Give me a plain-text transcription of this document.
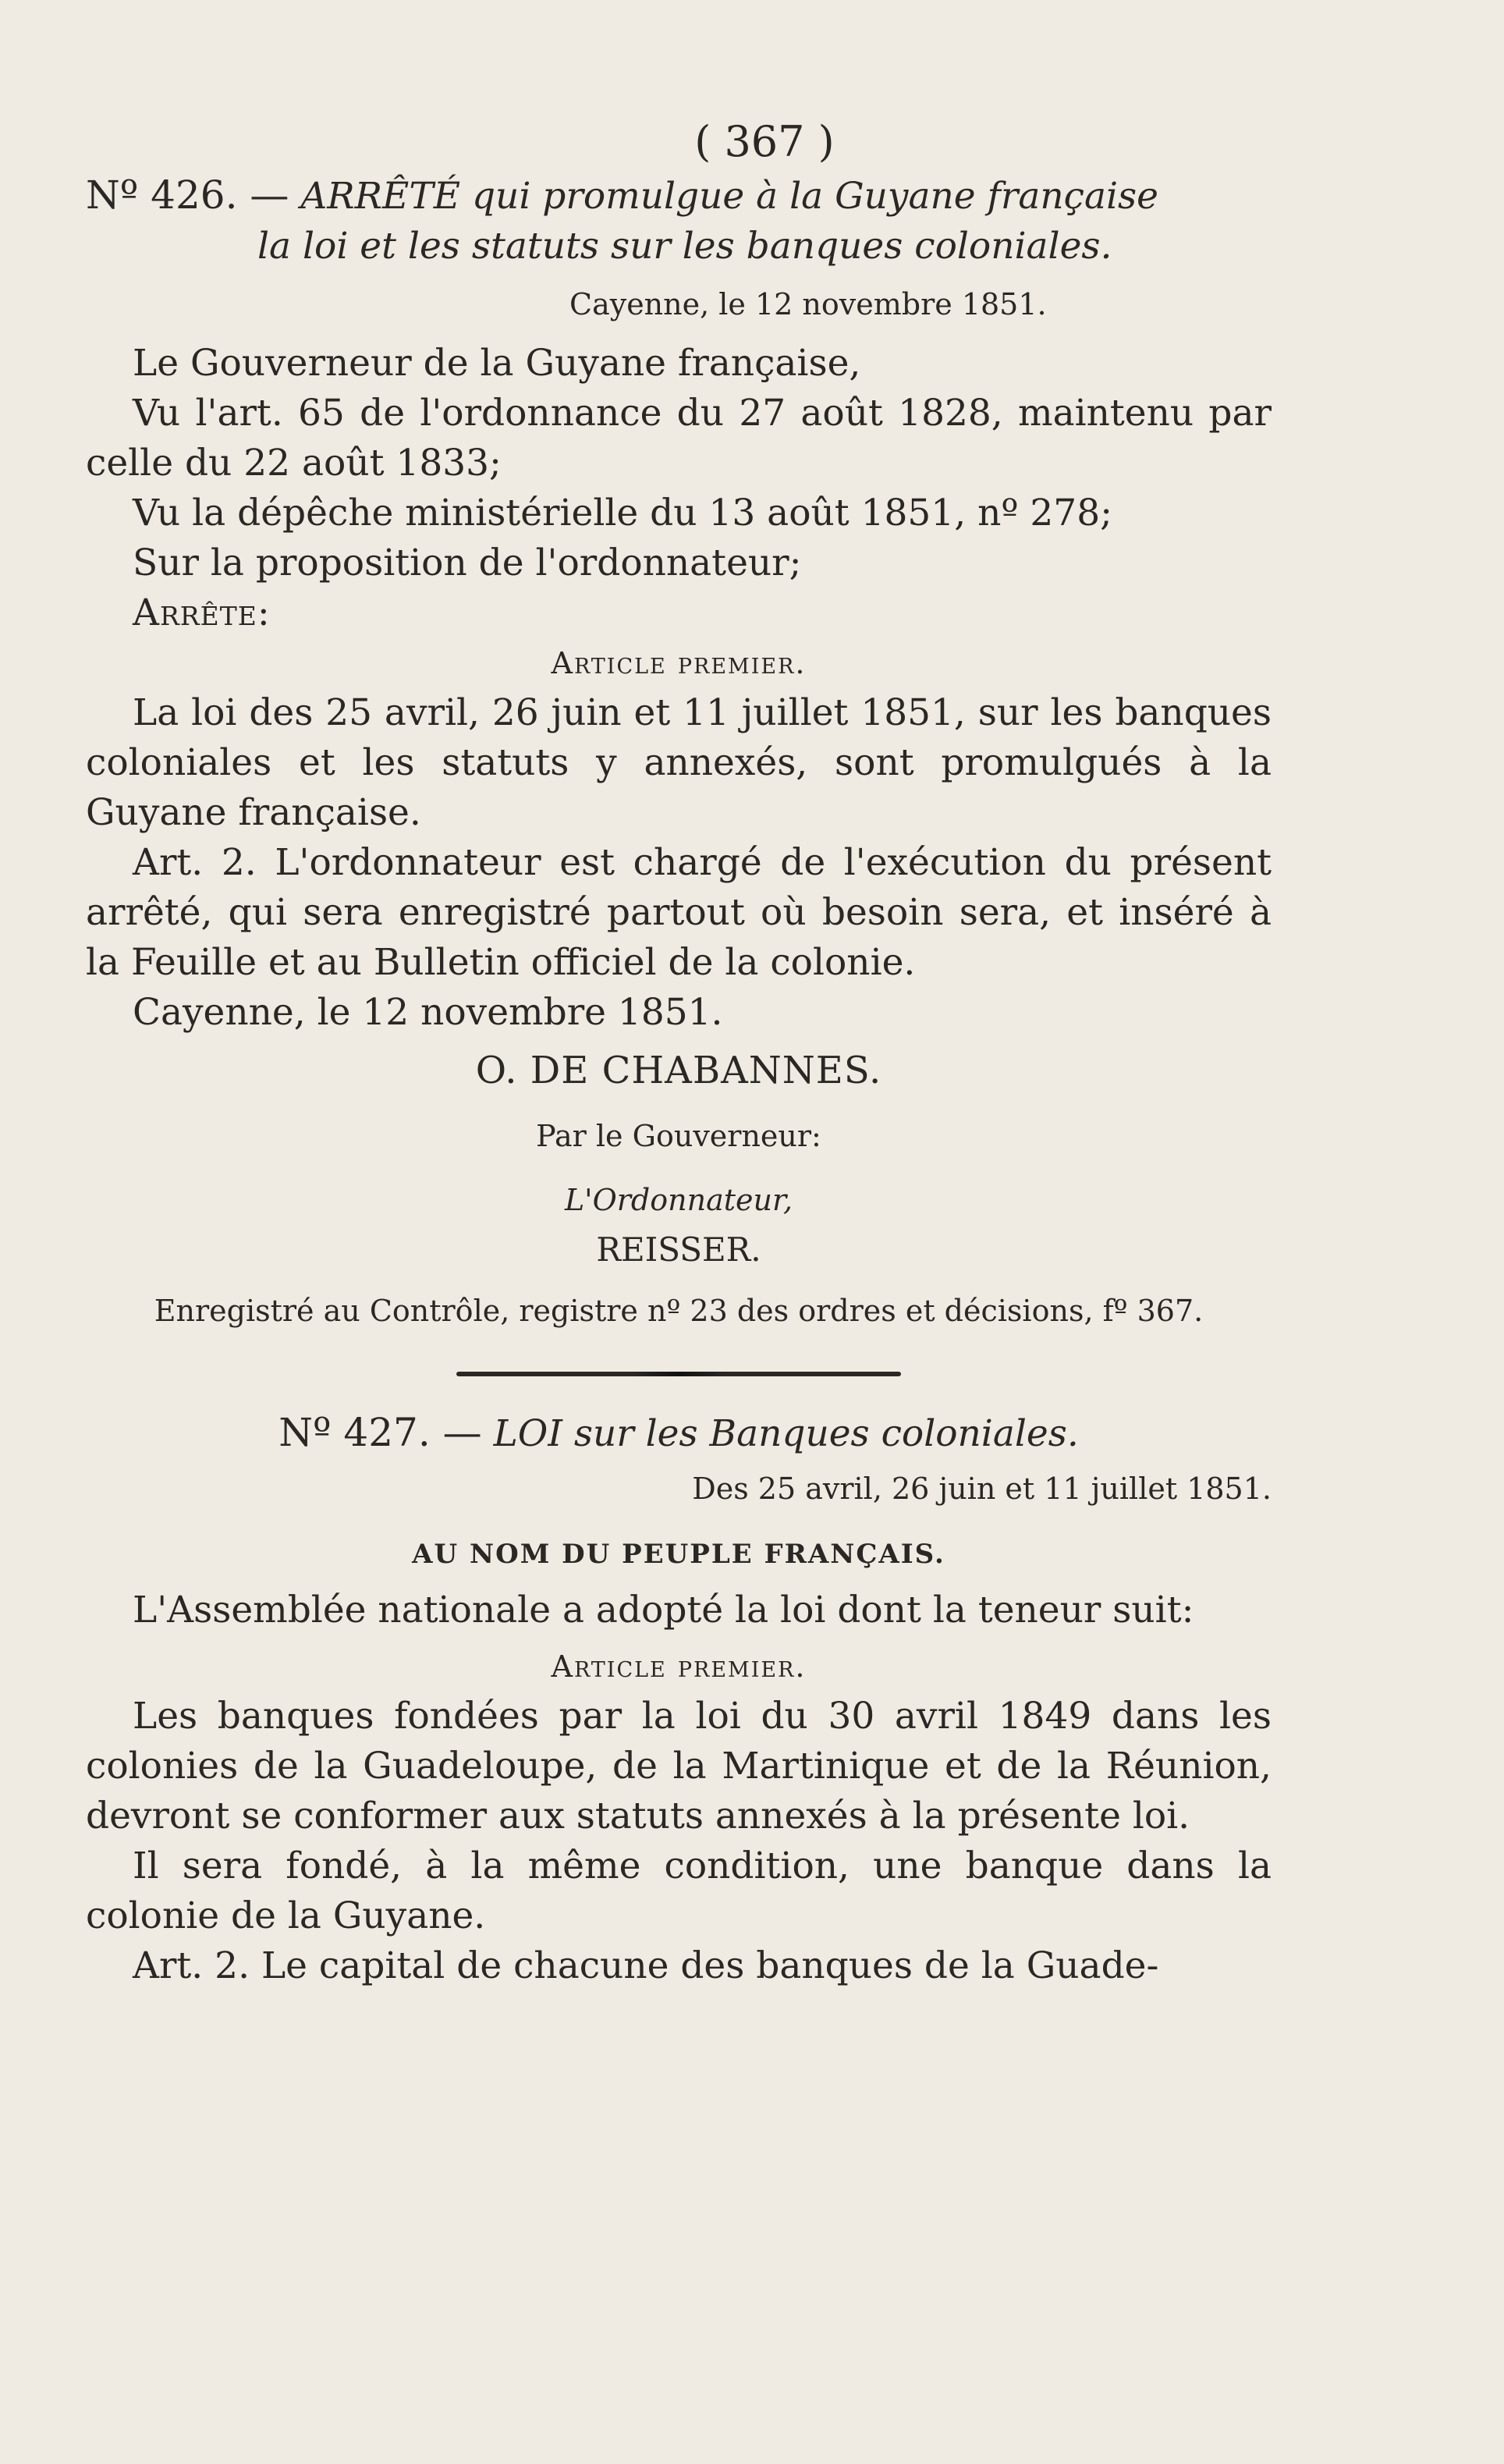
( 367 )
Nº 426. — ARRÊTÉ qui promulgue à la Guyane française
la loi et les statuts sur les banques coloniales.
Cayenne, le 12 novembre 1851.

Le Gouverneur de la Guyane française,

Vu l'art. 65 de l'ordonnance du 27 août 1828, maintenu par celle du 22 août 1833;

Vu la dépêche ministérielle du 13 août 1851, nº 278;

Sur la proposition de l'ordonnateur;

Arrête:

Article premier.

La loi des 25 avril, 26 juin et 11 juillet 1851, sur les banques coloniales et les statuts y annexés, sont promulgués à la Guyane française.

Art. 2. L'ordonnateur est chargé de l'exécution du présent arrêté, qui sera enregistré partout où besoin sera, et inséré à la Feuille et au Bulletin officiel de la colonie.

Cayenne, le 12 novembre 1851.

O. DE CHABANNES.
Par le Gouverneur:
L'Ordonnateur,
REISSER.
Enregistré au Contrôle, registre nº 23 des ordres et décisions, fº 367.
Nº 427. — LOI sur les Banques coloniales.
Des 25 avril, 26 juin et 11 juillet 1851.
AU NOM DU PEUPLE FRANÇAIS.

L'Assemblée nationale a adopté la loi dont la teneur suit:

Article premier.

Les banques fondées par la loi du 30 avril 1849 dans les colonies de la Guadeloupe, de la Martinique et de la Réunion, devront se conformer aux statuts annexés à la présente loi.

Il sera fondé, à la même condition, une banque dans la colonie de la Guyane.

Art. 2. Le capital de chacune des banques de la Guade-
